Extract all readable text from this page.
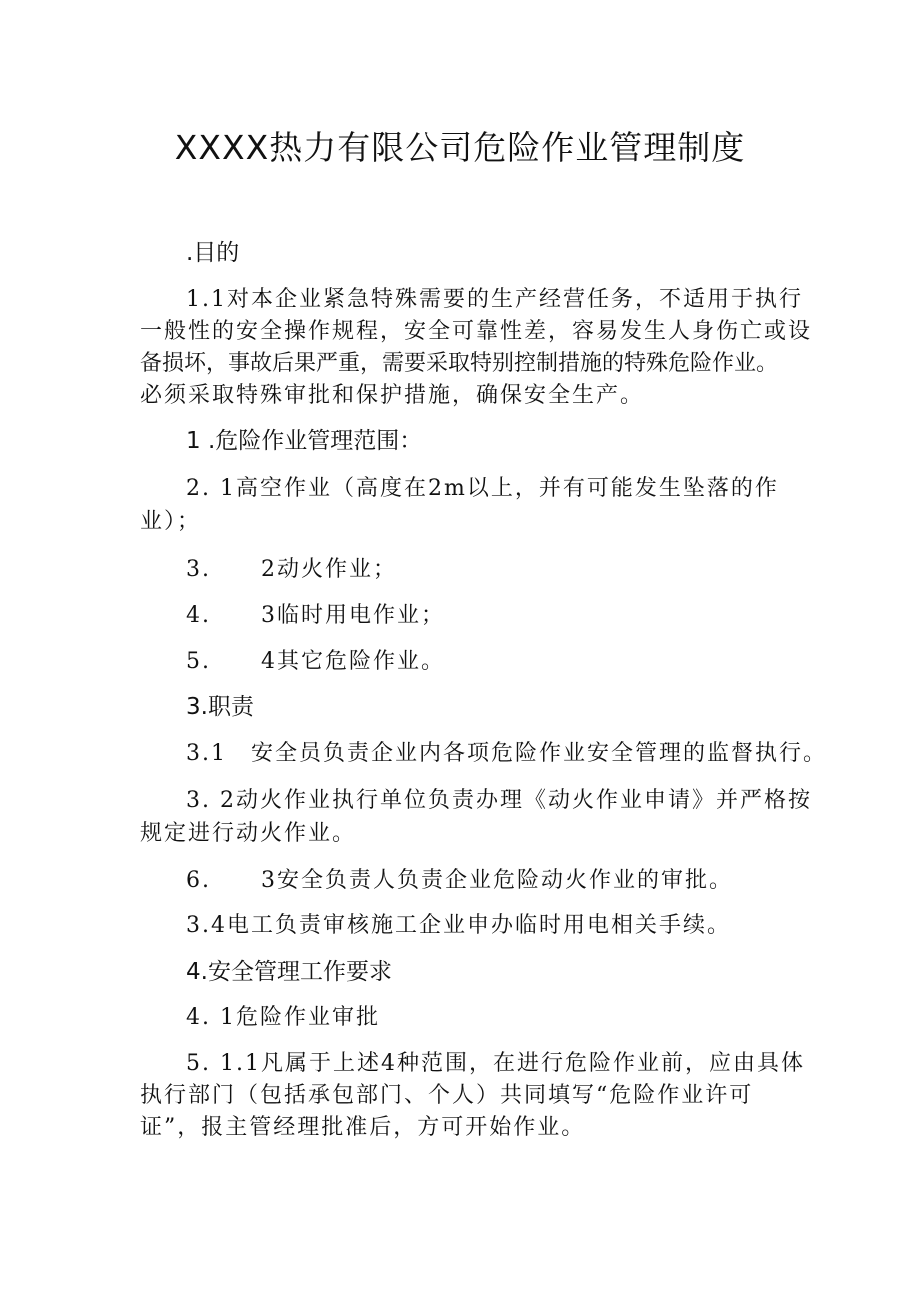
XXXX热力有限公司危险作业管理制度
.目的
1.1对本企业紧急特殊需要的生产经营任务，不适用于执行
一般性的安全操作规程，安全可靠性差，容易发生人身伤亡或设
备损坏，事故后果严重，需要采取特别控制措施的特殊危险作业。
必须采取特殊审批和保护措施，确保安全生产。
1 .危险作业管理范围：
2. 1高空作业（高度在2m以上，并有可能发生坠落的作
业）；
3. 2动火作业；
4. 3临时用电作业；
5. 4其它危险作业。
3.职责
3.1　安全员负责企业内各项危险作业安全管理的监督执行。
3. 2动火作业执行单位负责办理《动火作业申请》并严格按
规定进行动火作业。
6. 3安全负责人负责企业危险动火作业的审批。
3.4电工负责审核施工企业申办临时用电相关手续。
4.安全管理工作要求
4. 1危险作业审批
5. 1.1凡属于上述4种范围，在进行危险作业前，应由具体
执行部门（包括承包部门、个人）共同填写“危险作业许可
证”，报主管经理批准后，方可开始作业。
